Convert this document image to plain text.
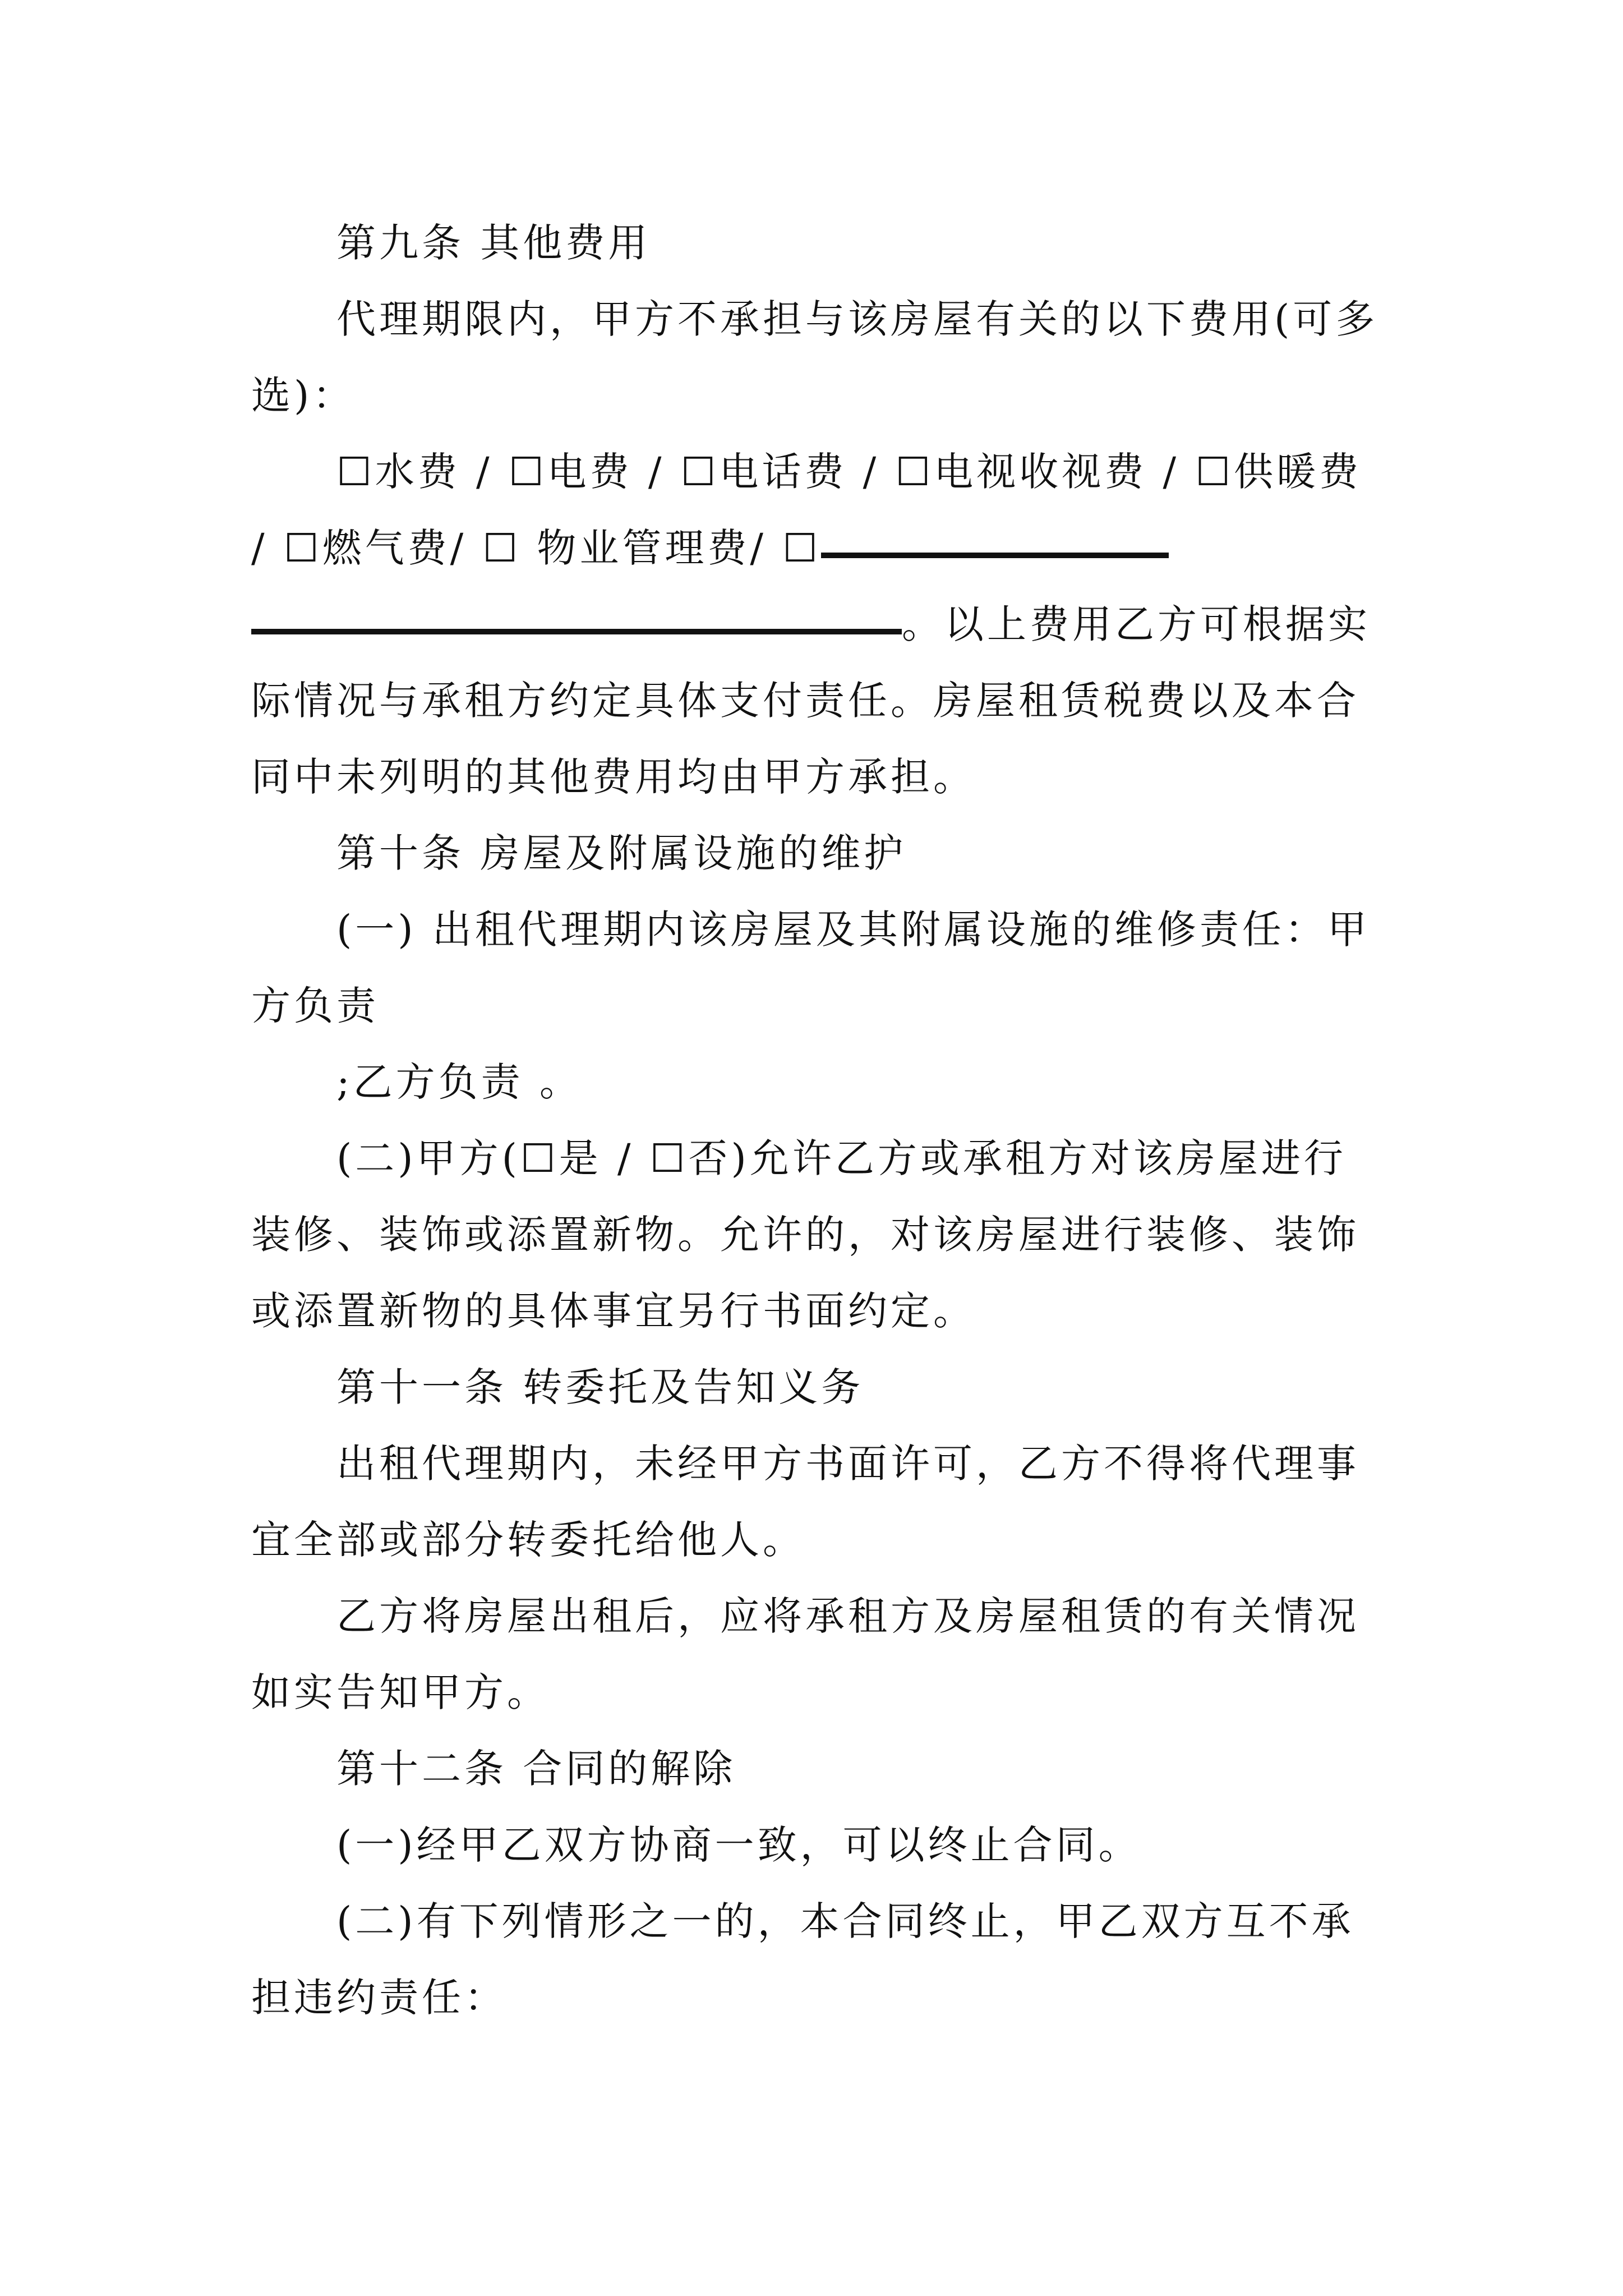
第九条 其他费用

代理期限内，甲方不承担与该房屋有关的以下费用(可多选)：

☐水费 / ☐电费 / ☐电话费 / ☐电视收视费 / ☐供暖费 / ☐燃气费/ ☐ 物业管理费/ ☐。以上费用乙方可根据实际情况与承租方约定具体支付责任。房屋租赁税费以及本合同中未列明的其他费用均由甲方承担。

第十条 房屋及附属设施的维护

(一) 出租代理期内该房屋及其附属设施的维修责任：甲方负责

;乙方负责 。

(二)甲方(☐是 / ☐否)允许乙方或承租方对该房屋进行装修、装饰或添置新物。允许的，对该房屋进行装修、装饰或添置新物的具体事宜另行书面约定。

第十一条 转委托及告知义务

出租代理期内，未经甲方书面许可，乙方不得将代理事宜全部或部分转委托给他人。

乙方将房屋出租后，应将承租方及房屋租赁的有关情况如实告知甲方。

第十二条 合同的解除

(一)经甲乙双方协商一致，可以终止合同。

(二)有下列情形之一的，本合同终止，甲乙双方互不承担违约责任：
